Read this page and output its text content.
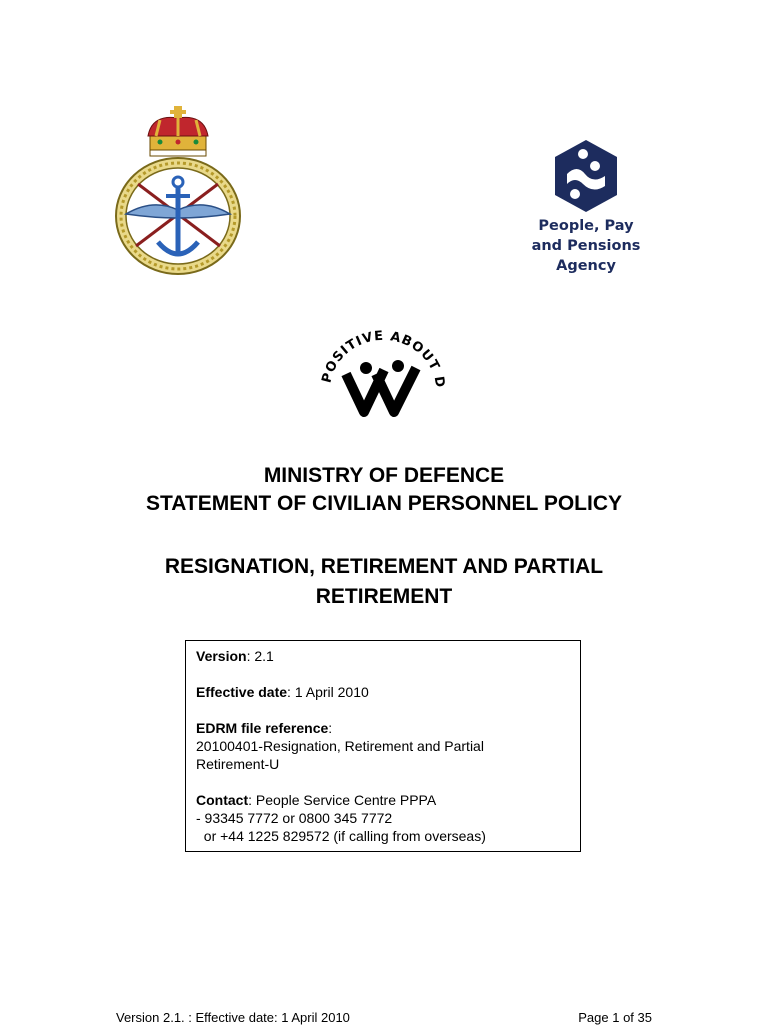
People, Pay
and Pensions
Agency
POSITIVE ABOUT D
MINISTRY OF DEFENCE
STATEMENT OF CIVILIAN PERSONNEL POLICY
RESIGNATION, RETIREMENT AND PARTIAL
RETIREMENT
Version: 2.1
Effective date: 1 April 2010
EDRM file reference:
20100401-Resignation, Retirement and Partial
Retirement-U
Contact: People Service Centre PPPA
- 93345 7772 or 0800 345 7772
or +44 1225 829572 (if calling from overseas)
Version 2.1. : Effective date: 1 April 2010	Page 1 of 35
